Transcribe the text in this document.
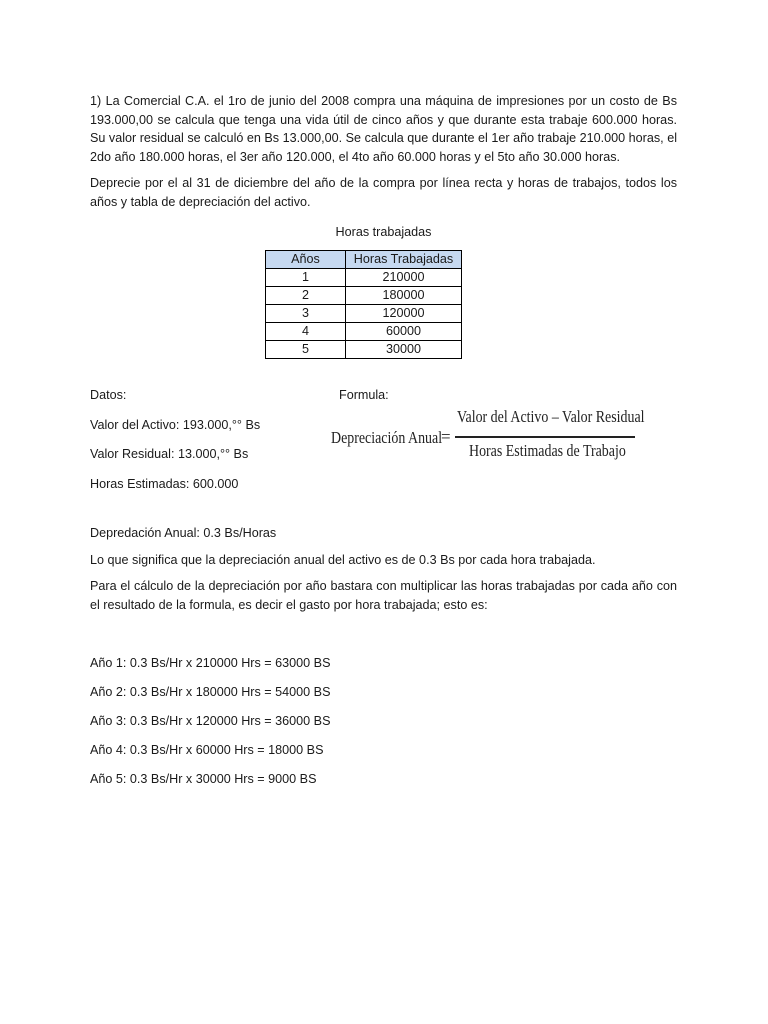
1) La Comercial C.A. el 1ro de junio del 2008 compra una máquina de impresiones por un costo de Bs 193.000,00 se calcula que tenga una vida útil de cinco años y que durante esta trabaje 600.000 horas. Su valor residual se calculó en Bs 13.000,00. Se calcula que durante el 1er año trabaje 210.000 horas, el 2do año 180.000 horas, el 3er año 120.000, el 4to año 60.000 horas y el 5to año 30.000 horas.

Deprecie por el al 31 de diciembre del año de la compra por línea recta y horas de trabajos, todos los años y tabla de depreciación del activo.

Horas trabajadas
Años	Horas Trabajadas
1	210000
2	180000
3	120000
4	60000
5	30000
Datos:
Valor del Activo: 193.000,°° Bs
Valor Residual: 13.000,°° Bs
Horas Estimadas: 600.000
Formula:
Depreciación Anual
=
Valor del Activo – Valor Residual
Horas Estimadas de Trabajo

Depredación Anual: 0.3 Bs/Horas

Lo que significa que la depreciación anual del activo es de 0.3 Bs por cada hora trabajada.

Para el cálculo de la depreciación por año bastara con multiplicar las horas trabajadas por cada año con el resultado de la formula, es decir el gasto por hora trabajada; esto es:

Año 1: 0.3 Bs/Hr x 210000 Hrs = 63000 BS
Año 2: 0.3 Bs/Hr x 180000 Hrs = 54000 BS
Año 3: 0.3 Bs/Hr x 120000 Hrs = 36000 BS
Año 4: 0.3 Bs/Hr x 60000 Hrs = 18000 BS
Año 5: 0.3 Bs/Hr x 30000 Hrs = 9000 BS
